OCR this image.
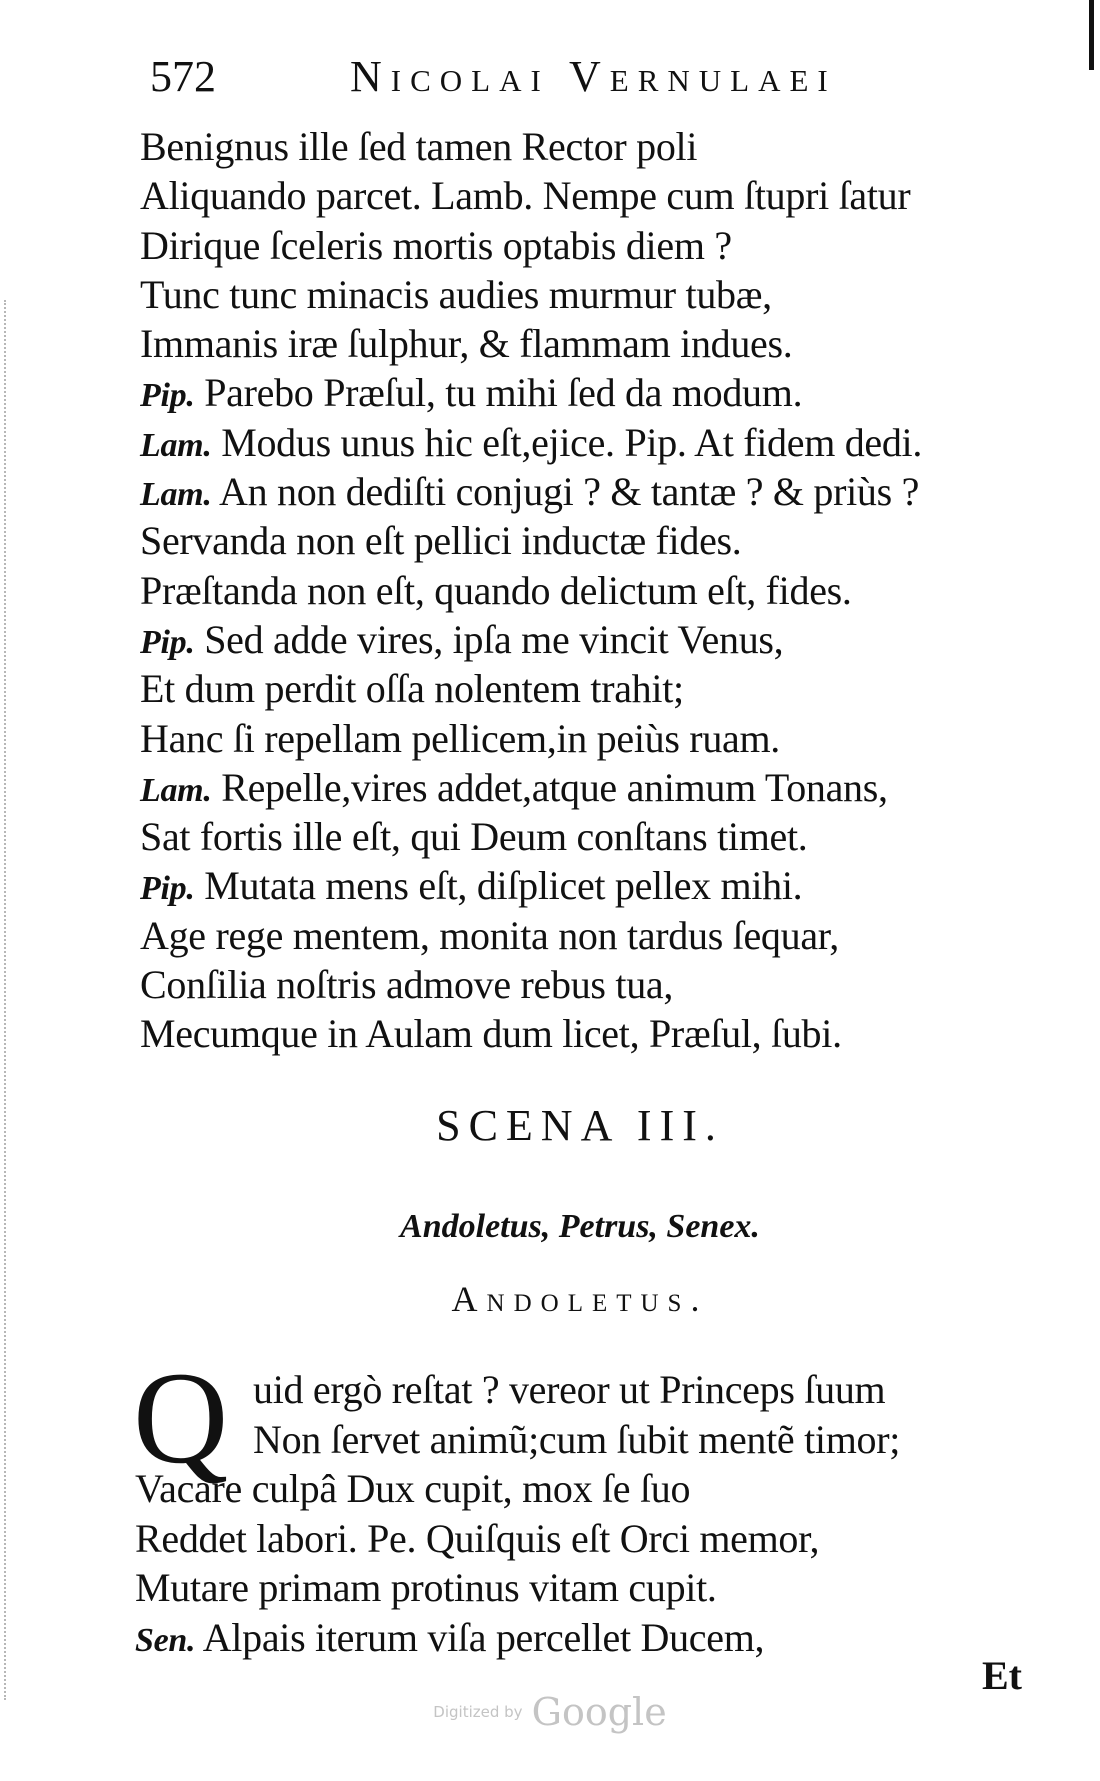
572	Nicolai Vernulaei
Benignus ille ſed tamen Rector poli
Aliquando parcet. Lamb. Nempe cum ſtupri ſatur
Dirique ſceleris mortis optabis diem ?
Tunc tunc minacis audies murmur tubæ,
Immanis iræ ſulphur, & flammam indues.
Pip. Parebo Præſul, tu mihi ſed da modum.
Lam. Modus unus hic eſt,ejice. Pip. At fidem dedi.
Lam. An non dediſti conjugi ? & tantæ ? & priùs ?
Servanda non eſt pellici inductæ fides.
Præſtanda non eſt, quando delictum eſt, fides.
Pip. Sed adde vires, ipſa me vincit Venus,
Et dum perdit oſſa nolentem trahit;
Hanc ſi repellam pellicem,in peiùs ruam.
Lam. Repelle,vires addet,atque animum Tonans,
Sat fortis ille eſt, qui Deum conſtans timet.
Pip. Mutata mens eſt, diſplicet pellex mihi.
Age rege mentem, monita non tardus ſequar,
Conſilia noſtris admove rebus tua,
Mecumque in Aulam dum licet, Præſul, ſubi.
SCENA III.
Andoletus, Petrus, Senex.
Andoletus.
Q uid ergò reſtat ? vereor ut Princeps ſuum
Non ſervet animũ;cum ſubit mentẽ timor;
Vacare culpâ Dux cupit, mox ſe ſuo
Reddet labori. Pe. Quiſquis eſt Orci memor,
Mutare primam protinus vitam cupit.
Sen. Alpais iterum viſa percellet Ducem,
Et
Digitized by Google
